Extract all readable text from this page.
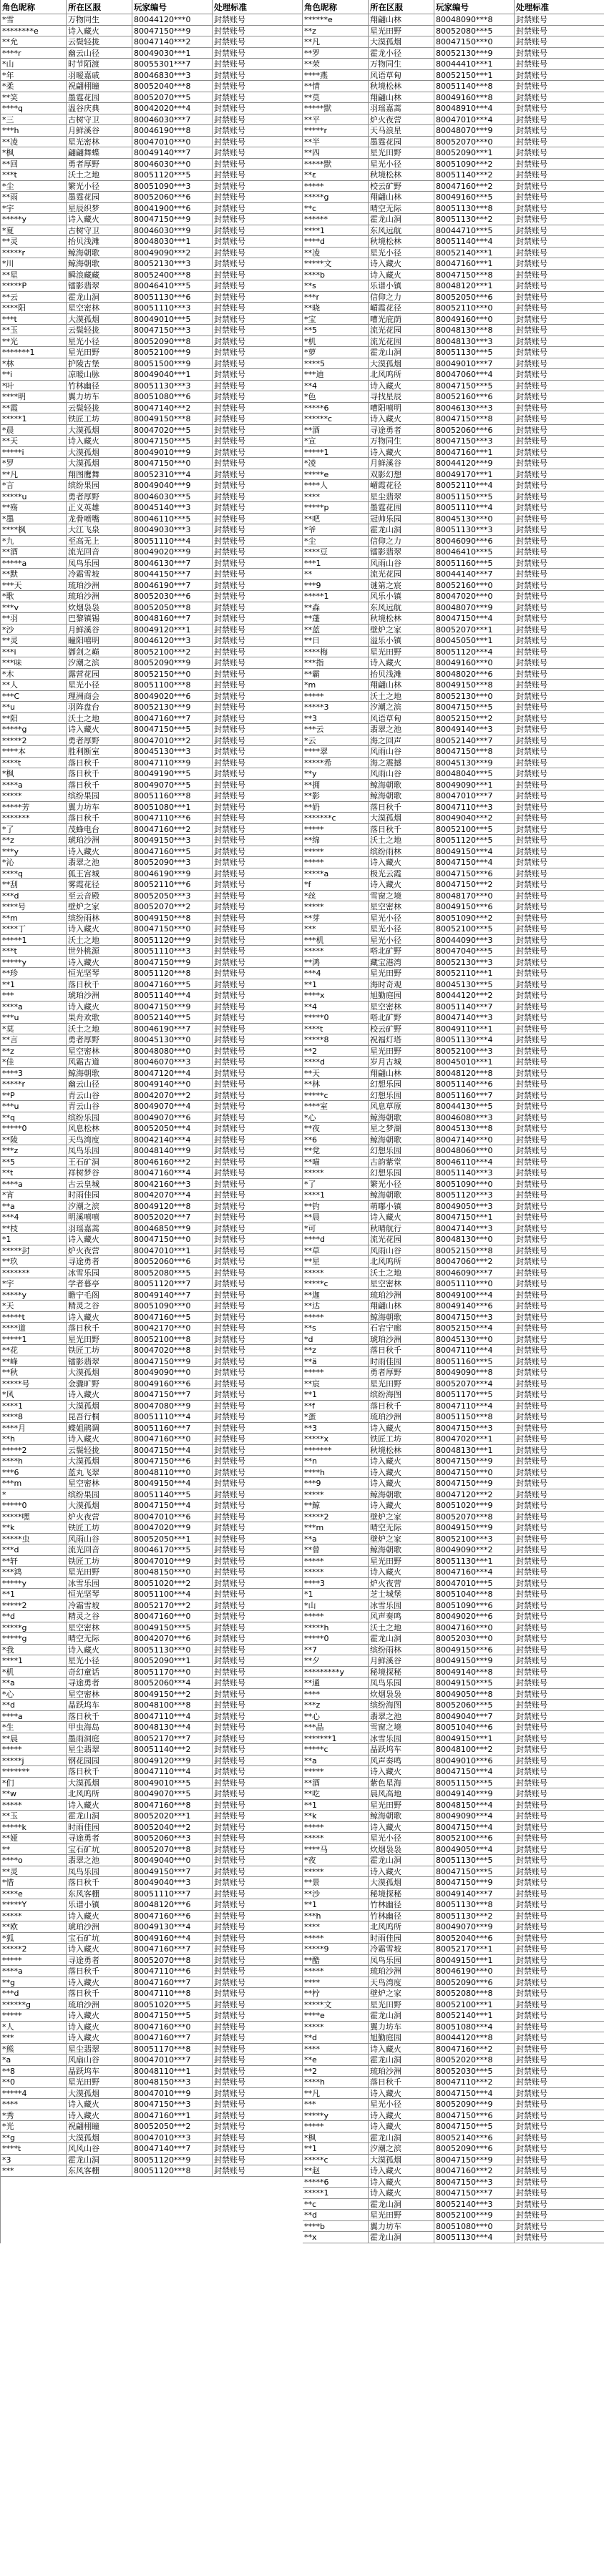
角色昵称	所在区服	玩家编号	处理标准
*雪	万物同生	80044120***0	封禁账号
********e	诗入藏火	80047150***9	封禁账号
**允	云鬓轻拢	80047140***2	封禁账号
****r	幽云山径	80049030***1	封禁账号
*山	时节陌渡	80055301***7	封禁账号
*年	羽暧嘉戚	80046830***3	封禁账号
*柔	祝翩栩瞳	80052040***8	封禁账号
**笑	墨霆花园	80052070***5	封禁账号
****q	温谷庆典	80042020***4	封禁账号
*三	古树守卫	80046030***7	封禁账号
***h	月鲜溪谷	80046190***8	封禁账号
**凌	星光密林	80047010***0	封禁账号
*枫	翩翩舞蝶	80049140***7	封禁账号
**回	勇者厚野	80046030***0	封禁账号
***t	沃土之地	80051120***5	封禁账号
*尘	繁光小径	80051090***3	封禁账号
**雨	墨霆花园	80052060***6	封禁账号
*宇	星辰织梦	80041900***6	封禁账号
*****y	诗入藏火	80047150***9	封禁账号
*夏	古树守卫	80046030***9	封禁账号
**灵	抬贝浅滩	80048030***1	封禁账号
*****r	鲸海朝歌	80049090***2	封禁账号
*川	鲸海朝歌	80052130***3	封禁账号
**星	瞬浪藏藏	80052400***8	封禁账号
*****P	镭影翡翠	80046410***5	封禁账号
**云	霍龙山洞	80051130***6	封禁账号
****阳	星空密林	80051110***3	封禁账号
***t	大漠孤烟	80049010***5	封禁账号
**玉	云鬓轻拢	80047150***3	封禁账号
**光	星光小径	80052090***8	封禁账号
*******1	星光田野	80052100***9	封禁账号
*林	护陵古堡	80051500***9	封禁账号
**i	凉暖山脉	80049040***1	封禁账号
*叶	竹林幽径	80051130***3	封禁账号
****明	翼力坊车	80051080***6	封禁账号
**霞	云鬓轻拢	80047140***2	封禁账号
*****1	铁匠工坊	80049150***8	封禁账号
*晨	大漠孤烟	80047020***5	封禁账号
**天	诗入藏火	80047150***5	封禁账号
*****i	大漠孤烟	80049010***9	封禁账号
*罗	大漠孤烟	80047150***0	封禁账号
**凡	翔图鹰舞	80052310***4	封禁账号
*言	缤纷果园	80049040***9	封禁账号
*****u	勇者厚野	80046030***5	封禁账号
**殇	正义英雄	80045140***3	封禁账号
*墨	龙骨喷嘴	80046110***5	封禁账号
****枫	大江飞泉	80049030***3	封禁账号
*九	至高无上	80051110***4	封禁账号
**酒	流光回音	80049020***9	封禁账号
*****a	凤鸟乐园	80046130***7	封禁账号
**默	冷霜雪坡	80044150***7	封禁账号
***天	琉珀沙洲	80046190***7	封禁账号
*歌	琉珀沙洲	80052030***6	封禁账号
***v	炊烟袅袅	80052050***8	封禁账号
**羽	巴黎镇锡	80048160***7	封禁账号
*沙	月鲜溪谷	80049120***1	封禁账号
**灵	瞳阳嘻明	80046120***3	封禁账号
***i	御剑之巅	80052100***2	封禁账号
***味	汐潮之滨	80052090***9	封禁账号
*木	露营花园	80052150***0	封禁账号
**人	星光小径	80051100***8	封禁账号
***C	理洲商会	80049020***6	封禁账号
**u	羽阵盘台	80052130***9	封禁账号
**阳	沃土之地	80047160***7	封禁账号
*****g	诗入藏火	80047150***5	封禁账号
*****2	勇者厚野	80047010***2	封禁账号
****本	胜利断室	80045130***3	封禁账号
****t	落日秋千	80047110***9	封禁账号
*枫	落日秋千	80049190***5	封禁账号
****a	落日秋千	80049070***5	封禁账号
*****	缤纷果园	80051160***8	封禁账号
*****芳	翼力坊车	80051080***1	封禁账号
*******	落日秋千	80047110***6	封禁账号
*了	茂蜂电台	80047160***2	封禁账号
**z	琥珀沙洲	80049150***3	封禁账号
***y	诗入藏火	80047160***5	封禁账号
*沁	翡翠之池	80052090***3	封禁账号
****q	狐王宫城	80046190***9	封禁账号
**刮	雾霞花径	80052110***6	封禁账号
***d	至云音殿	80052050***3	封禁账号
****号	壁炉之家	80052070***2	封禁账号
**m	缤纷雨林	80049150***8	封禁账号
****丁	诗入藏火	80047150***0	封禁账号
*****1	沃土之地	80051120***9	封禁账号
***t	世外桃源	80051110***3	封禁账号
*****y	诗入藏火	80047150***9	封禁账号
**珍	恒光坚琴	80051120***8	封禁账号
**1	落日秋千	80047160***5	封禁账号
***	琥珀沙洲	80051140***4	封禁账号
****a	诗入藏火	80047150***9	封禁账号
***u	果舟欢歌	80052140***5	封禁账号
*莫	沃土之地	80046190***7	封禁账号
**言	勇者厚野	80045130***0	封禁账号
**z	星空密林	80048080***0	封禁账号
*佳	风霜古道	80046070***3	封禁账号
****3	鲸海朝歌	80047120***4	封禁账号
*****r	幽云山径	80049140***0	封禁账号
**P	青云山谷	80042070***2	封禁账号
***u	青云山谷	80049070***4	封禁账号
**q	缤纷乐园	80049070***6	封禁账号
*****0	风息松林	80052050***4	封禁账号
**陵	天鸟湾度	80042140***4	封禁账号
***z	凤鸟乐园	80048140***9	封禁账号
**5	王石矿洞	80046160***2	封禁账号
**t	祥树梦谷	80047160***4	封禁账号
****a	古云皇城	80042160***3	封禁账号
*宵	时雨佳园	80042070***4	封禁账号
**a	汐潮之滨	80049120***8	封禁账号
***4	明溪嘻嘻	80052020***7	封禁账号
**枝	羽瑶嘉蒿	80046850***9	封禁账号
*1	诗入藏火	80047150***0	封禁账号
*****封	炉火夜营	80047010***1	封禁账号
**玖	寻途勇者	80052060***6	封禁账号
*******	冰雪乐园	80052080***5	封禁账号
*宇	学者暮亭	80051120***7	封禁账号
*****y	瞻宁毛阁	80049140***7	封禁账号
*天	精灵之谷	80051090***0	封禁账号
*****t	诗入藏火	80047160***5	封禁账号
****道	落日秋千	80042170***0	封禁账号
*****1	星光田野	80052100***8	封禁账号
**花	铁匠工坊	80047020***8	封禁账号
**峰	镭影翡翠	80047150***9	封禁账号
**秋	大漠孤烟	80049090***0	封禁账号
*****号	金骤旷野	80049160***6	封禁账号
*风	诗入藏火	80047150***7	封禁账号
****1	大漠孤烟	80047080***9	封禁账号
****8	昆吾行桐	80051110***4	封禁账号
****月	蝶姐鹃调	80051160***7	封禁账号
**h	诗入藏火	80047160***0	封禁账号
*****2	云鬓轻拢	80047150***4	封禁账号
****h	大漠孤烟	80047150***6	封禁账号
***6	蓝丸飞翠	80048110***0	封禁账号
***m	星空密林	80049150***4	封禁账号
*	缤纷果园	80051140***5	封禁账号
*****0	大漠孤烟	80047150***4	封禁账号
*****嘿	炉火夜营	80047010***6	封禁账号
**k	铁匠工坊	80047020***9	封禁账号
*****虫	风雨山谷	80052050***1	封禁账号
***d	流光回音	80046170***5	封禁账号
**轩	铁匠工坊	80047010***9	封禁账号
***鸿	星光田野	80048150***0	封禁账号
*****y	冰雪乐园	80051020***2	封禁账号
**1	恒光坚琴	80051100***4	封禁账号
*****2	冷霜雪坡	80052170***2	封禁账号
**d	精灵之谷	80047160***0	封禁账号
*****g	星空密林	80049150***5	封禁账号
*****g	晴空无际	80042070***6	封禁账号
*我	诗入藏火	80051130***0	封禁账号
****1	星光小径	80052090***1	封禁账号
*机	奇幻童话	80051170***0	封禁账号
**a	寻途勇者	80052060***4	封禁账号
*心	星空密林	80049150***2	封禁账号
**d	晶跃坞车	80048100***8	封禁账号
****a	落日秋千	80047110***4	封禁账号
*生	甲虫海岛	80048130***4	封禁账号
**晨	墨雨洞庭	80052170***7	封禁账号
*****	星尘翡翠	80051140***2	封禁账号
*****j	钢花园园	80049120***9	封禁账号
*******	落日秋千	80047110***4	封禁账号
*们	大漠孤烟	80049010***5	封禁账号
**w	北风呜所	80049070***5	封禁账号
*****	诗入藏火	80047160***8	封禁账号
**玉	霍龙山洞	80052020***1	封禁账号
*****k	时雨佳园	80052040***2	封禁账号
**娅	寻途勇者	80052060***3	封禁账号
**	宝石矿坑	80052070***8	封禁账号
****o	翡翠之池	80049040***0	封禁账号
**灵	凤鸟乐园	80049150***7	封禁账号
*惜	落日秋千	80049040***3	封禁账号
****e	东风客棚	80051110***7	封禁账号
*****Y	乐谱小镇	80048120***6	封禁账号
*****	诗入藏火	80047160***6	封禁账号
**欧	琥珀沙洲	80049130***4	封禁账号
*狐	宝石矿坑	80049160***4	封禁账号
*****2	诗入藏火	80047160***7	封禁账号
*****	寻途勇者	80052070***8	封禁账号
****a	落日秋千	80047110***6	封禁账号
**g	诗入藏火	80047160***7	封禁账号
***d	落日秋千	80047110***8	封禁账号
******g	琉珀沙洲	80051020***5	封禁账号
*****	诗入藏火	80047150***5	封禁账号
*人	诗入藏火	80047160***0	封禁账号
***	诗入藏火	80047160***7	封禁账号
*熊	星尘翡翠	80051170***8	封禁账号
*a	风扇山谷	80047010***7	封禁账号
**8	晶跃坞车	80048110***1	封禁账号
**0	星光田野	80048150***3	封禁账号
*****4	大漠孤烟	80047010***9	封禁账号
****	诗入藏火	80047150***3	封禁账号
*秀	诗入藏火	80047160***1	封禁账号
*光	祝翩栩瞳	80052050***2	封禁账号
**g	大漠孤烟	80047010***3	封禁账号
****t	风风山谷	80047140***7	封禁账号
*3	霍龙山洞	80051120***9	封禁账号
***	东风客棚	80051120***8	封禁账号
角色昵称	所在区服	玩家编号	处理标准
******e	翔翩山林	80048090***8	封禁账号
**z	星光田野	80052080***5	封禁账号
**凡	大漠孤烟	80047150***0	封禁账号
**罗	霍龙小径	80052130***9	封禁账号
**荣	万物同生	80044410***1	封禁账号
****燕	风语草甸	80052150***1	封禁账号
**情	秋境松林	80051140***8	封禁账号
**莫	翔翩山林	80049160***8	封禁账号
*****默	羽瑶嘉蒿	80048910***4	封禁账号
**平	炉火夜营	80047010***4	封禁账号
*****r	天马浪星	80048070***9	封禁账号
**半	墨霆花园	80052070***0	封禁账号
**四	星光田野	80052090***1	封禁账号
*****默	星光小径	80051090***2	封禁账号
**ε	秋境松林	80051140***2	封禁账号
*****	校云矿野	80047160***2	封禁账号
*****g	翔翩山林	80049160***5	封禁账号
**c	晴空无际	80051130***8	封禁账号
******	霍龙山洞	80051130***2	封禁账号
****1	东风远航	80044710***5	封禁账号
****d	秋境松林	80051140***4	封禁账号
**凌	星光小径	80052140***1	封禁账号
*****文	诗入藏火	80047160***1	封禁账号
****b	诗入藏火	80047150***8	封禁账号
**s	乐谱小镇	80048120***1	封禁账号
***r	信仰之力	80052050***6	封禁账号
**晓	嵋霞花径	80052110***0	封禁账号
*宝	嘈光庇荫	80049160***0	封禁账号
**5	流光花园	80048130***8	封禁账号
*机	流光花园	80048130***3	封禁账号
*萝	霍龙山洞	80051130***5	封禁账号
****5	大漠孤烟	80049010***7	封禁账号
***迪	北风呜所	80047060***4	封禁账号
**4	诗入藏火	80047150***5	封禁账号
*色	寻找星辰	80052160***6	封禁账号
*****6	嘈阳嘻明	80046130***3	封禁账号
******c	诗入藏火	80047150***8	封禁账号
**酒	寻途勇者	80052060***6	封禁账号
*宣	万物同生	80047150***3	封禁账号
*****1	诗入藏火	80047160***1	封禁账号
*凌	月鲜溪谷	80044120***9	封禁账号
*****e	双影幻想	80049170***1	封禁账号
****人	嵋霞花径	80052110***4	封禁账号
****	星尘翡翠	80051150***5	封禁账号
*****p	墨霆花园	80051110***4	封禁账号
**吧	冠帅乐园	80045130***0	封禁账号
*爷	霍龙山洞	80051130***3	封禁账号
*尘	信仰之力	80046090***6	封禁账号
****豆	镭影翡翠	80046410***5	封禁账号
***1	风雨山谷	80051160***5	封禁账号
**	流光花园	80044140***7	封禁账号
***9	谜第之宸	80052160***0	封禁账号
*****1	风乐小镇	80047020***0	封禁账号
**森	东风远航	80048070***9	封禁账号
**蓬	秋境松林	80047150***4	封禁账号
**蓝	壁炉之家	80052070***1	封禁账号
**日	溢乐小镇	80045050***1	封禁账号
****梅	星光田野	80051120***4	封禁账号
***指	诗入藏火	80049160***0	封禁账号
**霸	抬贝浅滩	80048020***6	封禁账号
*m	翔翩山林	80049150***8	封禁账号
*****	沃土之地	80052130***0	封禁账号
*****3	汐潮之滨	80047150***5	封禁账号
**3	风语草甸	80052150***2	封禁账号
***云	翡翠之池	80049140***3	封禁账号
*云	海之回声	80052140***7	封禁账号
****翠	风雨山谷	80047150***8	封禁账号
*****希	海之震撼	80045130***9	封禁账号
**y	风雨山谷	80048040***5	封禁账号
**拥	鲸海朝歌	80049090***1	封禁账号
**影	鲸海朝歌	80047010***7	封禁账号
**奶	落日秋千	80047110***3	封禁账号
*******c	大漠孤烟	80049040***2	封禁账号
*****	落日秋千	80052100***5	封禁账号
**绵	沃土之地	80051120***5	封禁账号
*****	缤纷雨林	80049150***4	封禁账号
*****	诗入藏火	80047150***4	封禁账号
*****a	极光云霞	80047150***6	封禁账号
*f	诗入藏火	80047150***2	封禁账号
*丝	雪窗之境	80048170***0	封禁账号
*****	星空密林	80049150***6	封禁账号
**芽	星光小径	80051090***2	封禁账号
***	星光小径	80052100***5	封禁账号
***机	星光小径	80044090***3	封禁账号
*****	嗒北矿野	80047040***5	封禁账号
**鸿	藏宝港湾	80052130***3	封禁账号
***4	星光田野	80052110***1	封禁账号
**1	海时奇观	80045130***5	封禁账号
****x	旭勤庭园	80044120***2	封禁账号
**4	星空密林	80051140***7	封禁账号
*****0	嗒北矿野	80047140***3	封禁账号
****t	校云矿野	80049110***1	封禁账号
*****8	祝福灯塔	80051130***4	封禁账号
**2	星光田野	80052100***3	封禁账号
****d	岁月古城	80045010***1	封禁账号
**天	翔翩山林	80048120***8	封禁账号
**林	幻想乐园	80051140***6	封禁账号
*****c	幻想乐园	80051160***7	封禁账号
****室	风息草原	80044130***5	封禁账号
*心	鲸海朝歌	80046080***3	封禁账号
**夜	星之梦湖	80045130***8	封禁账号
**6	鲸海朝歌	80047140***0	封禁账号
**党	幻想乐园	80048060***0	封禁账号
**喵	古韵紫堂	80046110***4	封禁账号
*****	幻想乐园	80051140***3	封禁账号
*了	繁光小径	80051090***0	封禁账号
****1	鲸海朝歌	80051120***3	封禁账号
**钓	萌嘟小镇	80049050***3	封禁账号
**晨	诗入藏火	80047150***1	封禁账号
*可	秋晴航行	80047140***3	封禁账号
****d	流光花园	80048130***0	封禁账号
**草	风雨山谷	80052150***8	封禁账号
**星	北风呜所	80047060***2	封禁账号
*****	沃土之地	80046090***7	封禁账号
*****c	星空密林	80051110***0	封禁账号
**迦	琉珀沙洲	80049100***4	封禁账号
**达	翔翩山林	80049140***6	封禁账号
*****	鲸海朝歌	80047150***3	封禁账号
**s	石宕宁廊	80052150***4	封禁账号
*d	琥珀沙洲	80045130***0	封禁账号
**z	落日秋千	80047110***4	封禁账号
**ä	时雨佳园	80051160***5	封禁账号
*****	勇者厚野	80049090***8	封禁账号
**宸	星光田野	80052070***4	封禁账号
**1	缤纷海图	80051170***5	封禁账号
**f	落日秋千	80047110***4	封禁账号
*蛋	琉珀沙洲	80051150***8	封禁账号
**3	诗入藏火	80047150***3	封禁账号
*****x	铁匠工坊	80047020***1	封禁账号
*******	秋境松林	80048130***1	封禁账号
**n	诗入藏火	80047150***9	封禁账号
****h	诗入藏火	80047150***0	封禁账号
***9	诗入藏火	80047150***9	封禁账号
*****	鲸海朝歌	80047120***2	封禁账号
**鲸	诗入藏火	80051020***9	封禁账号
*****2	壁炉之家	80052070***8	封禁账号
***m	晴空无际	80049150***9	封禁账号
**a	壁炉之家	80052100***3	封禁账号
**曾	鲸海朝歌	80049090***2	封禁账号
*****	星光田野	80051130***1	封禁账号
*****	诗入藏火	80047160***4	封禁账号
****3	炉火夜营	80047010***5	封禁账号
*1	芝士城堡	80051040***8	封禁账号
*山	冰雪乐园	80051090***6	封禁账号
*****	风声奏鸣	80049020***6	封禁账号
*****h	沃土之地	80047160***0	封禁账号
*****0	霍龙山洞	80052030***0	封禁账号
**7	缤纷雨林	80049150***6	封禁账号
**夕	月鲜溪谷	80049150***9	封禁账号
*********y	秘境探秘	80049140***8	封禁账号
**通	凤鸟乐园	80049150***5	封禁账号
****	炊烟袅袅	80049050***8	封禁账号
***z	缤纷海图	80052060***5	封禁账号
**心	翡翠之池	80049040***7	封禁账号
***晶	雪窗之境	80051040***6	封禁账号
*******1	冰雪乐园	80049150***1	封禁账号
*****c	晶跃坞车	80048100***2	封禁账号
**a	风声奏鸣	80049010***6	封禁账号
*****	诗入藏火	80047150***4	封禁账号
**酒	紫色星海	80051150***5	封禁账号
**吃	晨风高地	80049140***9	封禁账号
**1	星光田野	80048150***4	封禁账号
**k	鲸海朝歌	80049090***4	封禁账号
*****	诗入藏火	80047150***4	封禁账号
*****	星光小径	80052100***6	封禁账号
****马	炊烟袅袅	80049050***4	封禁账号
*夜	霍龙山洞	80051130***5	封禁账号
*****	诗入藏火	80047150***5	封禁账号
**景	大漠孤烟	80047150***9	封禁账号
**沙	秘境探秘	80049140***7	封禁账号
**1	竹林幽径	80051130***8	封禁账号
***h	竹林幽径	80051130***2	封禁账号
****	北风呜所	80049070***9	封禁账号
*****	时雨佳园	80052040***6	封禁账号
*****9	冷霜雪坡	80052170***1	封禁账号
**酷	凤鸟乐园	80049150***1	封禁账号
*****	琉珀沙洲	80046190***0	封禁账号
****	天鸟湾度	80052090***6	封禁账号
**柠	壁炉之家	80052080***8	封禁账号
*****文	星光田野	80052100***1	封禁账号
****e	霍龙山洞	80052140***1	封禁账号
*****	翼力坊车	80051080***4	封禁账号
**d	旭勤庭园	80044120***8	封禁账号
****	诗入藏火	80047160***2	封禁账号
**e	霍龙山洞	80052020***8	封禁账号
**2	琉珀沙洲	80052030***5	封禁账号
****h	落日秋千	80047110***2	封禁账号
**凡	诗入藏火	80047150***4	封禁账号
***	星光小径	80052090***9	封禁账号
*****y	诗入藏火	80047150***6	封禁账号
*****	诗入藏火	80047150***5	封禁账号
*枫	霍龙山洞	80052140***6	封禁账号
**1	汐潮之滨	80052090***6	封禁账号
*****c	大漠孤烟	80047150***9	封禁账号
**赵	诗入藏火	80047160***2	封禁账号
*****6	诗入藏火	80047150***3	封禁账号
*****1	诗入藏火	80047150***7	封禁账号
**c	霍龙山洞	80052140***3	封禁账号
**d	星光田野	80052100***9	封禁账号
****b	翼力坊车	80051080***0	封禁账号
**x	霍龙山洞	80051130***4	封禁账号
